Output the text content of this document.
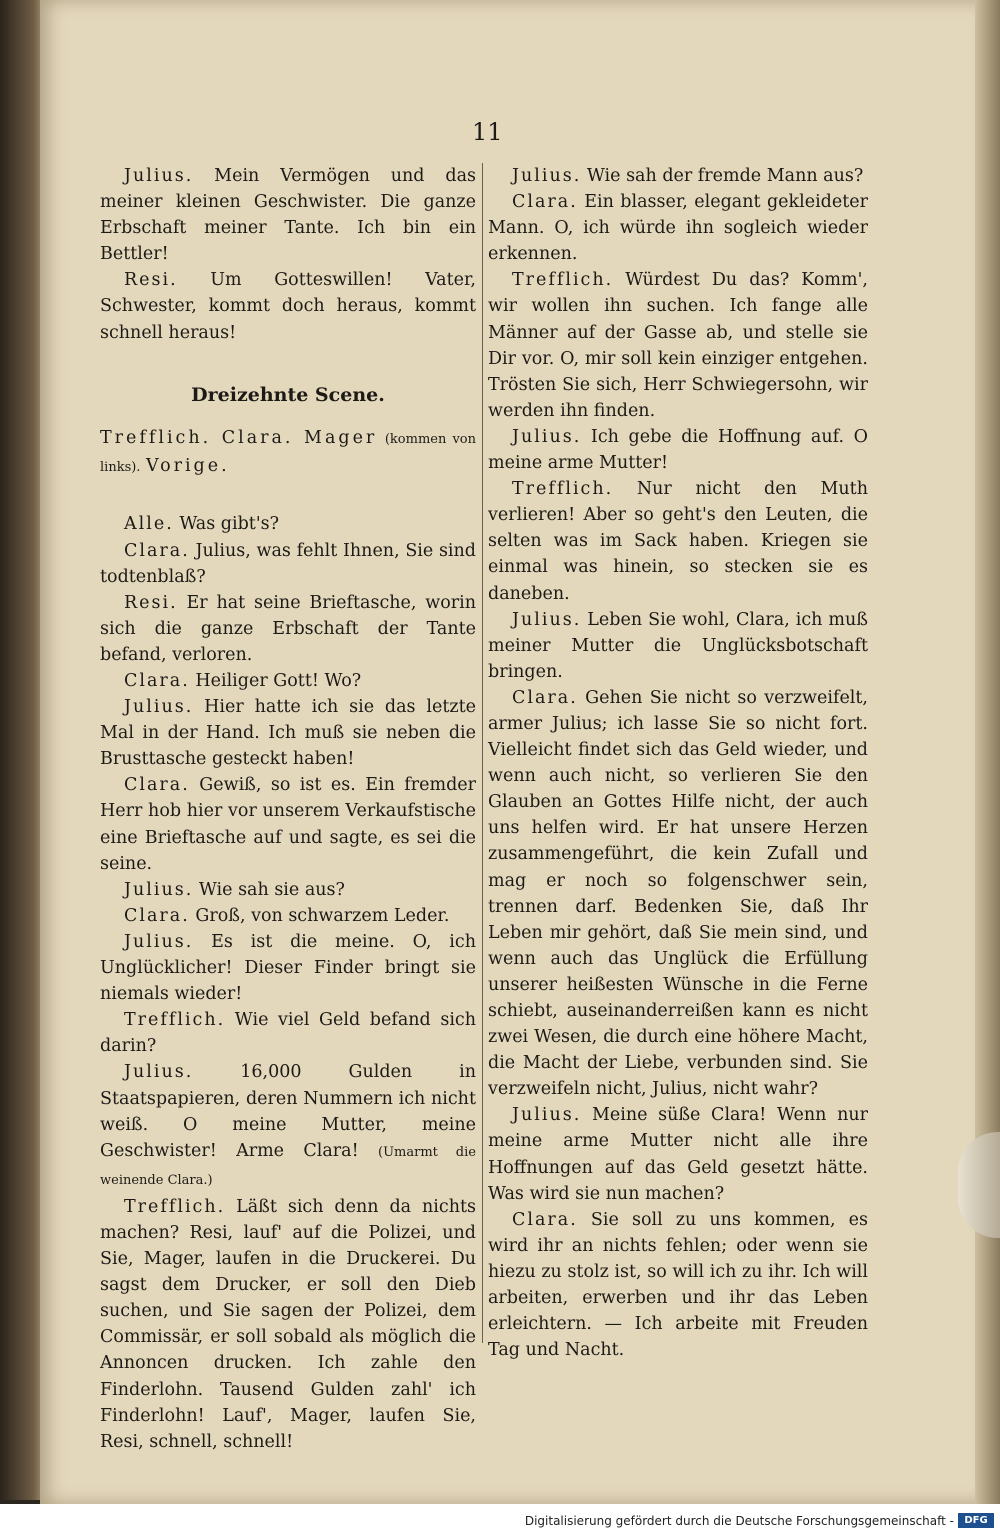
11

Julius. Mein Vermögen und das meiner kleinen Geschwister. Die ganze Erbschaft meiner Tante. Ich bin ein Bettler!

Resi. Um Gotteswillen! Vater, Schwester, kommt doch heraus, kommt schnell heraus!

Dreizehnte Scene.

Trefflich. Clara. Mager (kommen von links). Vorige.

Alle. Was gibt's?

Clara. Julius, was fehlt Ihnen, Sie sind todtenblaß?

Resi. Er hat seine Brieftasche, worin sich die ganze Erbschaft der Tante befand, verloren.

Clara. Heiliger Gott! Wo?

Julius. Hier hatte ich sie das letzte Mal in der Hand. Ich muß sie neben die Brusttasche gesteckt haben!

Clara. Gewiß, so ist es. Ein fremder Herr hob hier vor unserem Verkaufstische eine Brieftasche auf und sagte, es sei die seine.

Julius. Wie sah sie aus?

Clara. Groß, von schwarzem Leder.

Julius. Es ist die meine. O, ich Unglücklicher! Dieser Finder bringt sie niemals wieder!

Trefflich. Wie viel Geld befand sich darin?

Julius.	16,000 Gulden in Staatspapieren, deren Nummern ich nicht weiß. O meine Mutter, meine Geschwister! Arme Clara! (Umarmt die weinende Clara.)

Trefflich. Läßt sich denn da nichts machen? Resi, lauf' auf die Polizei, und Sie, Mager, laufen in die Druckerei. Du sagst dem Drucker, er soll den Dieb suchen, und Sie sagen der Polizei, dem Commissär, er soll sobald als möglich die Annoncen drucken. Ich zahle den Finderlohn. Tausend Gulden zahl' ich Finderlohn! Lauf', Mager, laufen Sie, Resi, schnell, schnell!

Julius. Wie sah der fremde Mann aus?

Clara. Ein blasser, elegant gekleideter Mann. O, ich würde ihn sogleich wieder erkennen.

Trefflich. Würdest Du das? Komm', wir wollen ihn suchen. Ich fange alle Männer auf der Gasse ab, und stelle sie Dir vor. O, mir soll kein einziger entgehen. Trösten Sie sich, Herr Schwiegersohn, wir werden ihn finden.

Julius. Ich gebe die Hoffnung auf. O meine arme Mutter!

Trefflich. Nur nicht den Muth verlieren! Aber so geht's den Leuten, die selten was im Sack haben. Kriegen sie einmal was hinein, so stecken sie es daneben.

Julius. Leben Sie wohl, Clara, ich muß meiner Mutter die Unglücksbotschaft bringen.

Clara. Gehen Sie nicht so verzweifelt, armer Julius; ich lasse Sie so nicht fort. Vielleicht findet sich das Geld wieder, und wenn auch nicht, so verlieren Sie den Glauben an Gottes Hilfe nicht, der auch uns helfen wird. Er hat unsere Herzen zusammengeführt, die kein Zufall und mag er noch so folgenschwer sein, trennen darf. Bedenken Sie, daß Ihr Leben mir gehört, daß Sie mein sind, und wenn auch das Unglück die Erfüllung unserer heißesten Wünsche in die Ferne schiebt, auseinanderreißen kann es nicht zwei Wesen, die durch eine höhere Macht, die Macht der Liebe, verbunden sind. Sie verzweifeln nicht, Julius, nicht wahr?

Julius. Meine süße Clara! Wenn nur meine arme Mutter nicht alle ihre Hoffnungen auf das Geld gesetzt hätte. Was wird sie nun machen?

Clara. Sie soll zu uns kommen, es wird ihr an nichts fehlen; oder wenn sie hiezu zu stolz ist, so will ich zu ihr. Ich will arbeiten, erwerben und ihr das Leben erleichtern. — Ich arbeite mit Freuden Tag und Nacht.

Digitalisierung gefördert durch die Deutsche Forschungsgemeinschaft -	DFG
